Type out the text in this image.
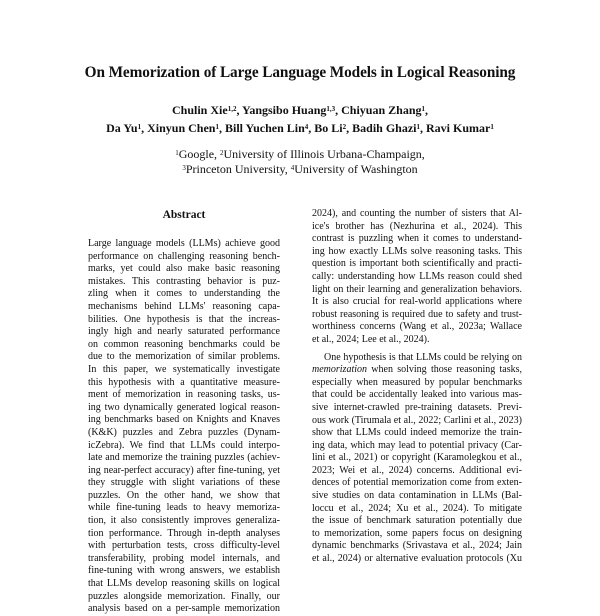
On Memorization of Large Language Models in Logical Reasoning
Chulin Xie$^{1,2}$, Yangsibo Huang$^{1,3}$, Chiyuan Zhang$^1$,
Da Yu$^1$, Xinyun Chen$^1$, Bill Yuchen Lin$^4$, Bo Li$^2$, Badih Ghazi$^1$, Ravi Kumar$^1$
$^1$Google, $^2$University of Illinois Urbana-Champaign,
$^3$Princeton University, $^4$University of Washington
Abstract
Large language models (LLMs) achieve good
performance on challenging reasoning bench-
marks, yet could also make basic reasoning
mistakes. This contrasting behavior is puz-
zling when it comes to understanding the
mechanisms behind LLMs' reasoning capa-
bilities. One hypothesis is that the increas-
ingly high and nearly saturated performance
on common reasoning benchmarks could be
due to the memorization of similar problems.
In this paper, we systematically investigate
this hypothesis with a quantitative measure-
ment of memorization in reasoning tasks, us-
ing two dynamically generated logical reason-
ing benchmarks based on Knights and Knaves
(K&K) puzzles and Zebra puzzles (Dynam-
icZebra). We find that LLMs could interpo-
late and memorize the training puzzles (achiev-
ing near-perfect accuracy) after fine-tuning, yet
they struggle with slight variations of these
puzzles. On the other hand, we show that
while fine-tuning leads to heavy memoriza-
tion, it also consistently improves generaliza-
tion performance. Through in-depth analyses
with perturbation tests, cross difficulty-level
transferability, probing model internals, and
fine-tuning with wrong answers, we establish
that LLMs develop reasoning skills on logical
puzzles alongside memorization. Finally, our
analysis based on a per-sample memorization
2024), and counting the number of sisters that Al-
ice's brother has (Nezhurina et al., 2024). This
contrast is puzzling when it comes to understand-
ing how exactly LLMs solve reasoning tasks. This
question is important both scientifically and practi-
cally: understanding how LLMs reason could shed
light on their learning and generalization behaviors.
It is also crucial for real-world applications where
robust reasoning is required due to safety and trust-
worthiness concerns (Wang et al., 2023a; Wallace
et al., 2024; Lee et al., 2024).
One hypothesis is that LLMs could be relying on
memorization when solving those reasoning tasks,
especially when measured by popular benchmarks
that could be accidentally leaked into various mas-
sive internet-crawled pre-training datasets. Previ-
ous work (Tirumala et al., 2022; Carlini et al., 2023)
show that LLMs could indeed memorize the train-
ing data, which may lead to potential privacy (Car-
lini et al., 2021) or copyright (Karamolegkou et al.,
2023; Wei et al., 2024) concerns. Additional evi-
dences of potential memorization come from exten-
sive studies on data contamination in LLMs (Bal-
loccu et al., 2024; Xu et al., 2024). To mitigate
the issue of benchmark saturation potentially due
to memorization, some papers focus on designing
dynamic benchmarks (Srivastava et al., 2024; Jain
et al., 2024) or alternative evaluation protocols (Xu
